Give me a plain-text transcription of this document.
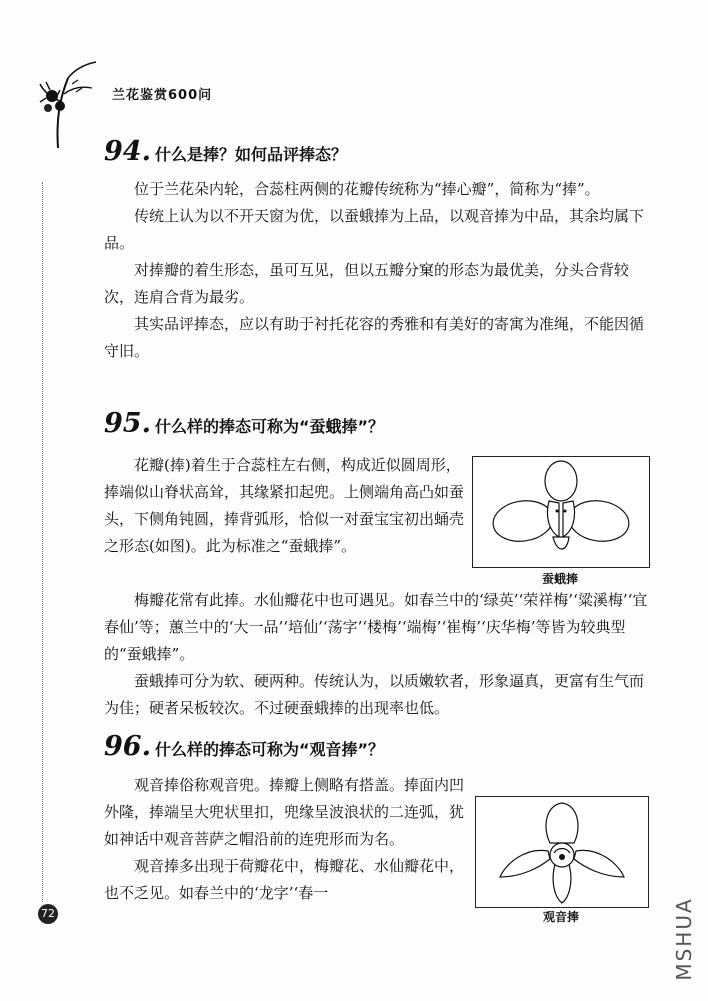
兰花鉴赏600问
72
94. 什么是捧？如何品评捧态？

位于兰花朵内轮，合蕊柱两侧的花瓣传统称为“捧心瓣”，简称为“捧”。

传统上认为以不开天窗为优，以蚕蛾捧为上品，以观音捧为中品，其余均属下品。

对捧瓣的着生形态，虽可互见，但以五瓣分窠的形态为最优美，分头合背较次，连肩合背为最劣。

其实品评捧态，应以有助于衬托花容的秀雅和有美好的寄寓为准绳，不能因循守旧。

95. 什么样的捧态可称为“蚕蛾捧”？

花瓣(捧)着生于合蕊柱左右侧，构成近似圆周形，捧端似山脊状高耸，其缘紧扣起兜。上侧端角高凸如蚕头，下侧角钝圆，捧背弧形，恰似一对蚕宝宝初出蛹壳之形态(如图)。此为标准之“蚕蛾捧”。

蚕蛾捧

梅瓣花常有此捧。水仙瓣花中也可遇见。如春兰中的‘绿英’‘荣祥梅’‘粱溪梅’‘宜春仙’等；蕙兰中的‘大一品’‘培仙’‘荡字’‘楼梅’‘端梅’‘崔梅’‘庆华梅’等皆为较典型的“蚕蛾捧”。

蚕蛾捧可分为软、硬两种。传统认为，以质嫩软者，形象逼真，更富有生气而为佳；硬者呆板较次。不过硬蚕蛾捧的出现率也低。

96. 什么样的捧态可称为“观音捧”？

观音捧俗称观音兜。捧瓣上侧略有搭盖。捧面内凹外隆，捧端呈大兜状里扣，兜缘呈波浪状的二连弧，犹如神话中观音菩萨之帽沿前的连兜形而为名。

观音捧多出现于荷瓣花中，梅瓣花、水仙瓣花中，也不乏见。如春兰中的‘龙字’‘春一

观音捧	MSHUA
